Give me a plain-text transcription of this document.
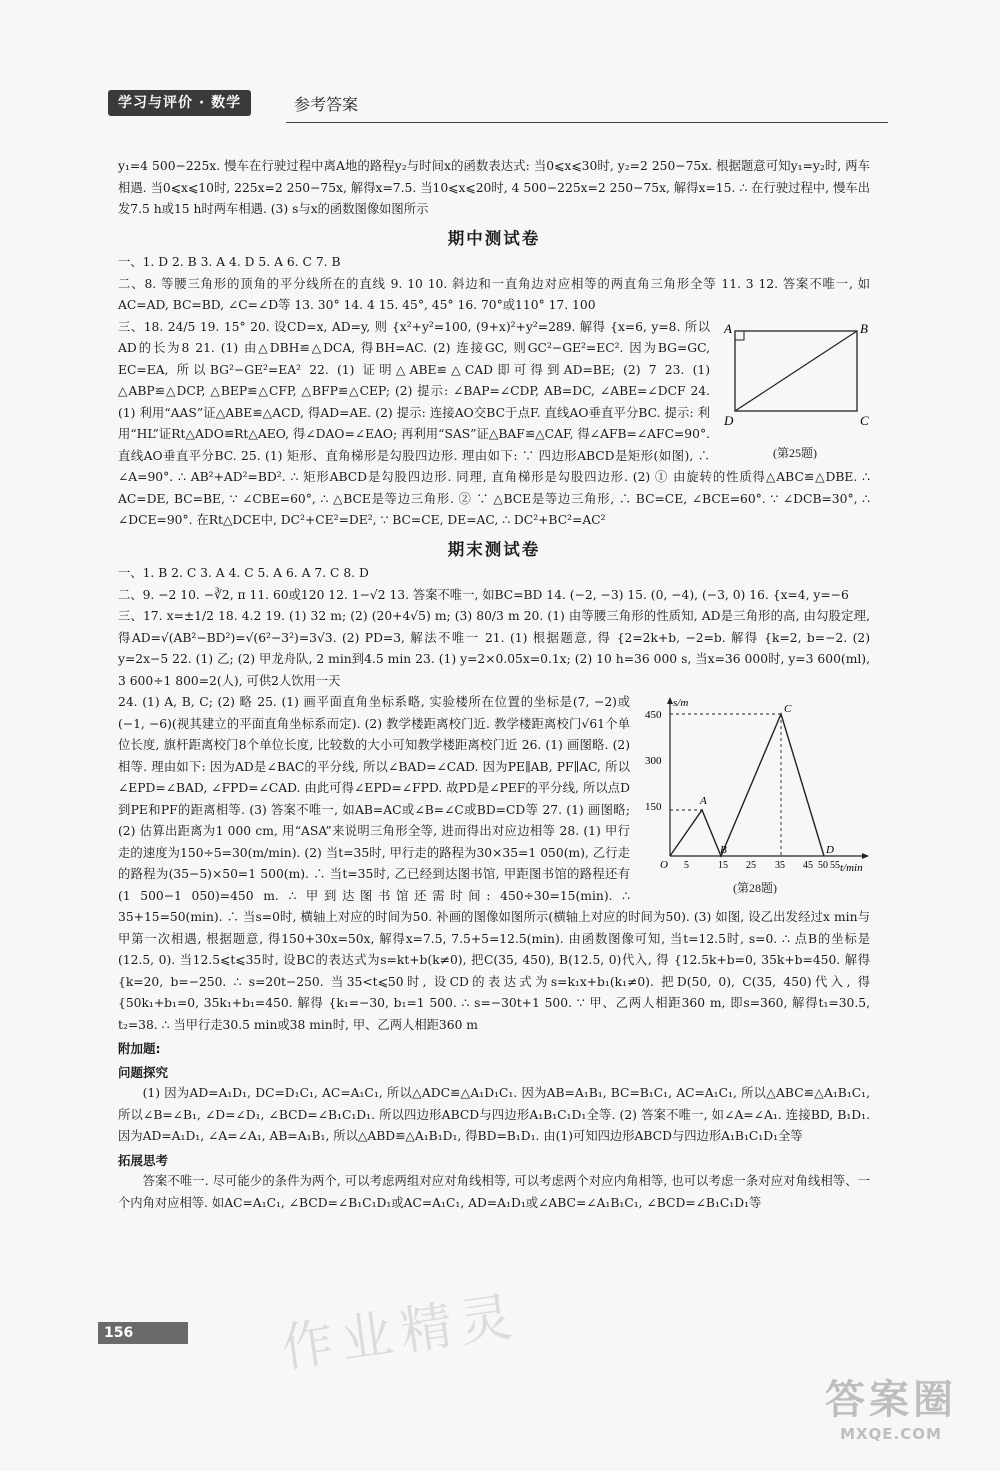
学习与评价 · 数学	参考答案

y₁=4 500−225x. 慢车在行驶过程中离A地的路程y₂与时间x的函数表达式: 当0⩽x⩽30时, y₂=2 250−75x. 根据题意可知y₁=y₂时, 两车相遇. 当0⩽x⩽10时, 225x=2 250−75x, 解得x=7.5. 当10⩽x⩽20时, 4 500−225x=2 250−75x, 解得x=15. ∴ 在行驶过程中, 慢车出发7.5 h或15 h时两车相遇. (3) s与x的函数图像如图所示

期中测试卷

一、1. D 2. B 3. A 4. D 5. A 6. C 7. B

二、8. 等腰三角形的顶角的平分线所在的直线 9. 10 10. 斜边和一直角边对应相等的两直角三角形全等 11. 3 12. 答案不唯一, 如AC=AD, BC=BD, ∠C=∠D等 13. 30° 14. 4 15. 45°, 45° 16. 70°或110° 17. 100

A	B
C
D
(第25题)

三、18. 24/5 19. 15° 20. 设CD=x, AD=y, 则 {x²+y²=100, (9+x)²+y²=289. 解得 {x=6, y=8. 所以AD的长为8 21. (1) 由△DBH≌△DCA, 得BH=AC. (2) 连接GC, 则GC²−GE²=EC². 因为BG=GC, EC=EA, 所以BG²−GE²=EA² 22. (1) 证明△ABE≌△CAD即可得到AD=BE; (2) 7 23. (1) △ABP≌△DCP, △BEP≌△CFP, △BFP≌△CEP; (2) 提示: ∠BAP=∠CDP, AB=DC, ∠ABE=∠DCF 24. (1) 利用“AAS”证△ABE≌△ACD, 得AD=AE. (2) 提示: 连接AO交BC于点F. 直线AO垂直平分BC. 提示: 利用“HL”证Rt△ADO≌Rt△AEO, 得∠DAO=∠EAO; 再利用“SAS”证△BAF≌△CAF, 得∠AFB=∠AFC=90°. 直线AO垂直平分BC. 25. (1) 矩形、直角梯形是勾股四边形. 理由如下: ∵ 四边形ABCD是矩形(如图), ∴ ∠A=90°. ∴ AB²+AD²=BD². ∴ 矩形ABCD是勾股四边形. 同理, 直角梯形是勾股四边形. (2) ① 由旋转的性质得△ABC≌△DBE. ∴ AC=DE, BC=BE, ∵ ∠CBE=60°, ∴ △BCE是等边三角形. ② ∵ △BCE是等边三角形, ∴ BC=CE, ∠BCE=60°. ∵ ∠DCB=30°, ∴ ∠DCE=90°. 在Rt△DCE中, DC²+CE²=DE², ∵ BC=CE, DE=AC, ∴ DC²+BC²=AC²

期末测试卷

一、1. B 2. C 3. A 4. C 5. A 6. A 7. C 8. D

二、9. −2 10. −∛2, π 11. 60或120 12. 1−√2 13. 答案不唯一, 如BC=BD 14. (−2, −3) 15. (0, −4), (−3, 0) 16. {x=4, y=−6

三、17. x=±1/2 18. 4.2 19. (1) 32 m; (2) (20+4√5) m; (3) 80/3 m 20. (1) 由等腰三角形的性质知, AD是三角形的高, 由勾股定理, 得AD=√(AB²−BD²)=√(6²−3²)=3√3. (2) PD=3, 解法不唯一 21. (1) 根据题意, 得 {2=2k+b, −2=b. 解得 {k=2, b=−2. (2) y=2x−5 22. (1) 乙; (2) 甲龙舟队, 2 min到4.5 min 23. (1) y=2×0.05x=0.1x; (2) 10 h=36 000 s, 当x=36 000时, y=3 600(ml), 3 600÷1 800=2(人), 可供2人饮用一天

s/m
t/min
O
150
300
450
5	15 25 35 45 50 55
A
B
C
D
(第28题)

24. (1) A, B, C; (2) 略 25. (1) 画平面直角坐标系略, 实验楼所在位置的坐标是(7, −2)或(−1, −6)(视其建立的平面直角坐标系而定). (2) 教学楼距离校门近. 教学楼距离校门√61个单位长度, 旗杆距离校门8个单位长度, 比较数的大小可知教学楼距离校门近 26. (1) 画图略. (2) 相等. 理由如下: 因为AD是∠BAC的平分线, 所以∠BAD=∠CAD. 因为PE∥AB, PF∥AC, 所以∠EPD=∠BAD, ∠FPD=∠CAD. 由此可得∠EPD=∠FPD. 故PD是∠PEF的平分线, 所以点D到PE和PF的距离相等. (3) 答案不唯一, 如AB=AC或∠B=∠C或BD=CD等 27. (1) 画图略; (2) 估算出距离为1 000 cm, 用“ASA”来说明三角形全等, 进而得出对应边相等 28. (1) 甲行走的速度为150÷5=30(m/min). (2) 当t=35时, 甲行走的路程为30×35=1 050(m), 乙行走的路程为(35−5)×50=1 500(m). ∴ 当t=35时, 乙已经到达图书馆, 甲距图书馆的路程还有(1 500−1 050)=450 m. ∴ 甲到达图书馆还需时间: 450÷30=15(min). ∴ 35+15=50(min). ∴ 当s=0时, 横轴上对应的时间为50. 补画的图像如图所示(横轴上对应的时间为50). (3) 如图, 设乙出发经过x min与甲第一次相遇, 根据题意, 得150+30x=50x, 解得x=7.5, 7.5+5=12.5(min). 由函数图像可知, 当t=12.5时, s=0. ∴ 点B的坐标是(12.5, 0). 当12.5⩽t⩽35时, 设BC的表达式为s=kt+b(k≠0), 把C(35, 450), B(12.5, 0)代入, 得 {12.5k+b=0, 35k+b=450. 解得 {k=20, b=−250. ∴ s=20t−250. 当35<t⩽50时, 设CD的表达式为s=k₁x+b₁(k₁≠0). 把D(50, 0), C(35, 450)代入, 得 {50k₁+b₁=0, 35k₁+b₁=450. 解得 {k₁=−30, b₁=1 500. ∴ s=−30t+1 500. ∵ 甲、乙两人相距360 m, 即s=360, 解得t₁=30.5, t₂=38. ∴ 当甲行走30.5 min或38 min时, 甲、乙两人相距360 m

附加题:
问题探究

(1) 因为AD=A₁D₁, DC=D₁C₁, AC=A₁C₁, 所以△ADC≌△A₁D₁C₁. 因为AB=A₁B₁, BC=B₁C₁, AC=A₁C₁, 所以△ABC≌△A₁B₁C₁, 所以∠B=∠B₁, ∠D=∠D₁, ∠BCD=∠B₁C₁D₁. 所以四边形ABCD与四边形A₁B₁C₁D₁全等. (2) 答案不唯一, 如∠A=∠A₁. 连接BD, B₁D₁. 因为AD=A₁D₁, ∠A=∠A₁, AB=A₁B₁, 所以△ABD≌△A₁B₁D₁, 得BD=B₁D₁. 由(1)可知四边形ABCD与四边形A₁B₁C₁D₁全等

拓展思考

答案不唯一. 尽可能少的条件为两个, 可以考虑两组对应对角线相等, 可以考虑两个对应内角相等, 也可以考虑一条对应对角线相等、一个内角对应相等. 如AC=A₁C₁, ∠BCD=∠B₁C₁D₁或AC=A₁C₁, AD=A₁D₁或∠ABC=∠A₁B₁C₁, ∠BCD=∠B₁C₁D₁等

156	作业精灵
答案圈
MXQE.COM
